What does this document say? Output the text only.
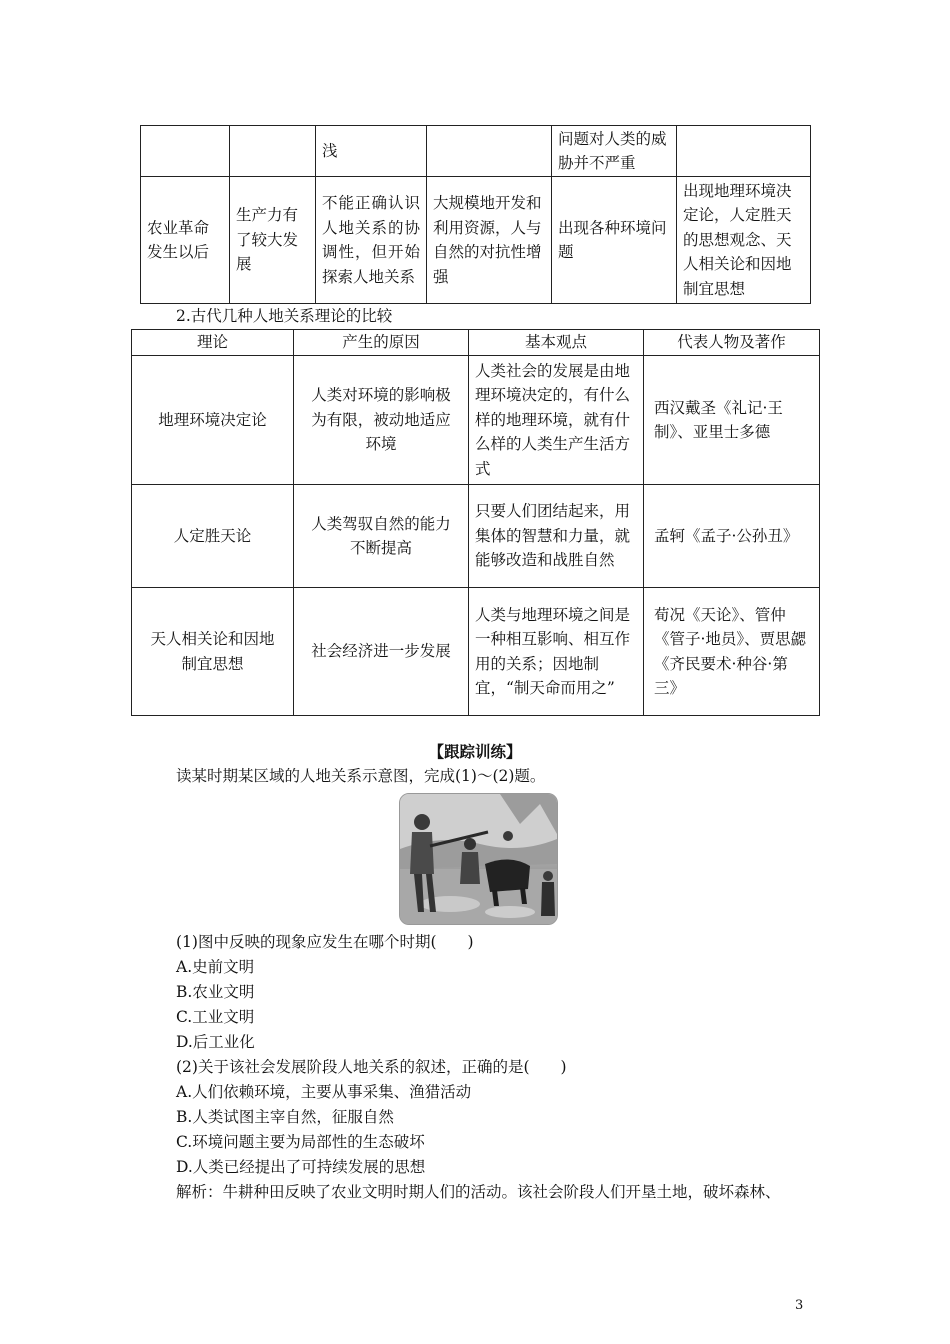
		浅		问题对人类的威胁并不严重	
农业革命发生以后	生产力有了较大发展	不能正确认识人地关系的协调性，但开始探索人地关系	大规模地开发和利用资源，人与自然的对抗性增强	出现各种环境问题	出现地理环境决定论，人定胜天的思想观念、天人相关论和因地制宜思想
2.古代几种人地关系理论的比较
理论	产生的原因	基本观点	代表人物及著作
地理环境决定论	人类对环境的影响极为有限，被动地适应环境	人类社会的发展是由地理环境决定的，有什么样的地理环境，就有什么样的人类生产生活方式	西汉戴圣《礼记·王制》、亚里士多德
人定胜天论	人类驾驭自然的能力不断提高	只要人们团结起来，用集体的智慧和力量，就能够改造和战胜自然	孟轲《孟子·公孙丑》
天人相关论和因地制宜思想	社会经济进一步发展	人类与地理环境之间是一种相互影响、相互作用的关系；因地制宜，“制天命而用之”	荀况《天论》、管仲《管子·地员》、贾思勰《齐民要术·种谷·第三》
【跟踪训练】
读某时期某区域的人地关系示意图，完成(1)～(2)题。
(1)图中反映的现象应发生在哪个时期(　　)
A.史前文明
B.农业文明
C.工业文明
D.后工业化
(2)关于该社会发展阶段人地关系的叙述，正确的是(　　)
A.人们依赖环境，主要从事采集、渔猎活动
B.人类试图主宰自然，征服自然
C.环境问题主要为局部性的生态破坏
D.人类已经提出了可持续发展的思想
解析：牛耕种田反映了农业文明时期人们的活动。该社会阶段人们开垦土地，破坏森林、
3
